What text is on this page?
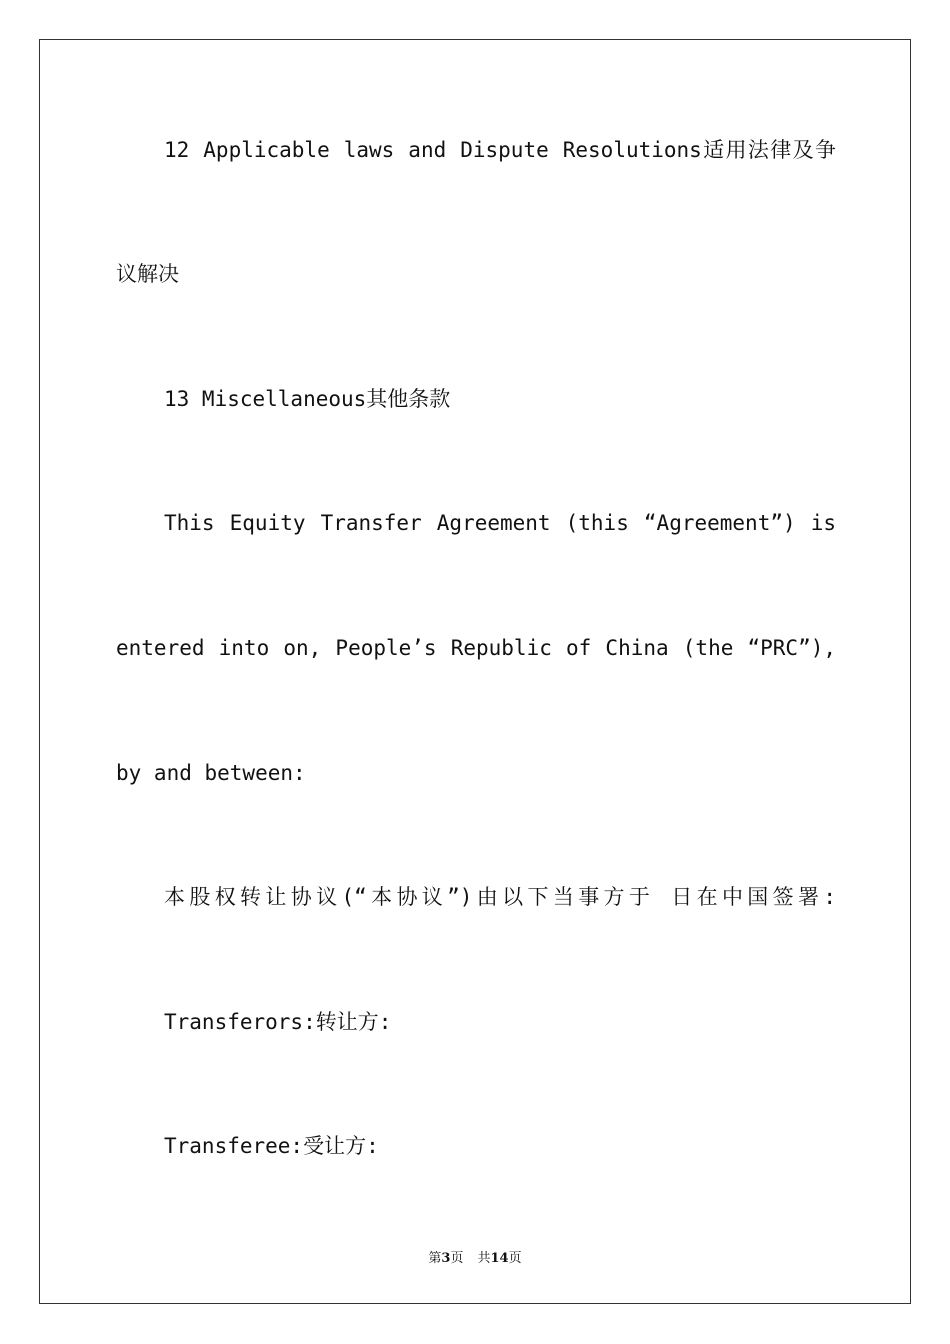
12 Applicable laws and Dispute Resolutions适用法律及争

议解决

13 Miscellaneous其他条款

This Equity Transfer Agreement (this “Agreement”) is

entered into on, People’s Republic of China (the “PRC”),

by and between:

本股权转让协议(“本协议”)由以下当事方于 日在中国签署:

Transferors:转让方:

Transferee:受让方:

第3页 共14页
